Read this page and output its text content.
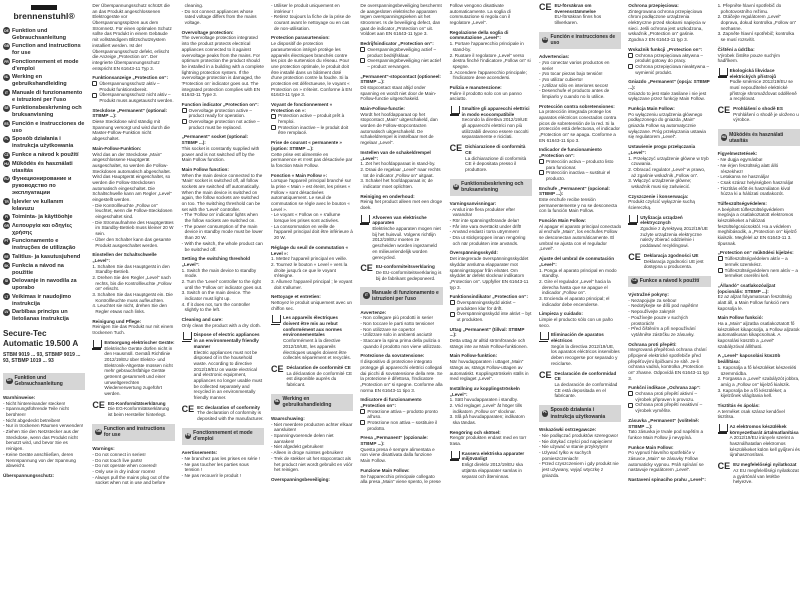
brennenstuhl®
DE Funktion und Gebrauchsanleitung
GB Function and instructions for use
FR Fonctionnement et mode d'emploi
NL Werking en gebruikshandleiding
IT Manuale di funzionamento e istruzioni per l'uso
SE Funktionsbeskrivning och bruksanvisning
ES Función e instrucciones de uso
PL Sposób działania i instrukcja użytkowania
CZ Funkce a návod k použití
HU Működés és használati utasítás
RU Функционирование и руководство по эксплуатации
TR İşlevler ve kullanım kılavuzu
FI Toiminta- ja käyttöohje
GR Λειτουργία και οδηγίες χρήσης
PT Funcionamento e instruções de utilização
EE Talitlus- ja kasutusjuhend
SK Funkcia a návod na použitie
SI Delovanje in navodila za uporabo
LT Veikimas ir naudojimo instrukcija
LV Darbības princips un lietošanas instrukcija
Secure-Tec Automatic 19.500 A
STBM 9019 ... 93, STBMP 9019 ... 93, STBMP 1019 ... 93
DE Funktion und Gebrauchsanleitung
Warnhinweise:
- Nicht hintereinander stecken!
- Spannungsführende Teile nicht berühren!
- Nicht abgedeckt betreiben!
- Nur in trockenen Räumen verwenden!
- Ziehen Sie den Netzstecker aus der Steckdose, wenn das Produkt nicht benutzt wird, und bevor Sie es reinigen.
- Keine Geräte anschließen, deren Nennspannung von der Spannung abweicht.
Überspannungsschutz:
Der Überspannungsschutz schützt die an das Produkt angeschlossenen Elektrogeräte vor Überspannungsspitzen aus dem Stromnetz. Für einen optimalen Schutz sollte das Produkt in einem Gebäude mit vollständigem Blitzschutzsystem installiert werden. Ist der Überspannungsschutz defekt, erlischt die Anzeige „Protection on“. Der integrierte Überspannungsschutz entspricht EN 61643-11 Typ 3.
Funktionsanzeige „Protection on“:
Überspannungsschutz aktiv – Produkt funktionsbereit.
Überspannungsschutz nicht aktiv – Produkt muss ausgetauscht werden.
Steckdose „Permanent“ (optional: STBMP ...):
Diese Steckdose wird ständig mit Spannung versorgt und wird durch die Master-Follow-Funktion nicht abgeschaltet.
Main-Follow-Funktion:
Wird das an der Steckdose „Main“ angeschlossene Hauptgerät ausgeschaltet, so werden die Follow-Steckdosen automatisch abgeschaltet. Wird das Hauptgerät eingeschaltet, so werden die Follow-Steckdosen automatisch eingeschaltet. Die Schaltschwelle kann am Regler „Level“ eingestellt werden.
- Die Kontrollleuchte „Follow on“ leuchtet, wenn die Follow-Steckdosen eingeschaltet sind.
- Die Stromaufnahme des Hauptgerätes im Standby-Betrieb muss kleiner 20 W sein.
- Über den Schalter kann das gesamte Produkt ausgeschaltet werden.
Einstellen der Schaltschwelle „Level“:
1. Schalten Sie das Hauptgerät in den Standby-Betrieb.
2. Drehen Sie den Regler „Level“ nach rechts, bis die Kontrollleuchte „Follow on“ erlischt.
3. Schalten Sie das Hauptgerät ein. Die Kontrollleuchte muss aufleuchten.
4. Leuchtet sie nicht, drehen Sie den Regler etwas nach links.
Reinigung und Pflege:
Reinigen Sie das Produkt nur mit einem trockenen Tuch.
Entsorgung elektrischer Geräte:
Elektrische Geräte dürfen nicht in den Hausmüll. Gemäß Richtlinie 2012/19/EU über Elektro- und Elektronik-Altgeräte müssen nicht mehr gebrauchsfähige Geräte getrennt gesammelt und einer umweltgerechten Wiederverwertung zugeführt werden.
CE EG-Konformitätserklärung
Die EG-Konformitätserklärung ist beim Hersteller hinterlegt.
GB Function and instructions for use
Warnings:
- Do not connect in series!
- Do not touch live parts!
- Do not operate when covered!
- Only use in dry indoor rooms!
- Always pull the mains plug out of the socket when not in use and before cleaning.
- Do not connect appliances whose rated voltage differs from the mains voltage.
Overvoltage protection:
The overvoltage protection integrated into the product protects electrical appliances connected to it against overvoltage peaks from the mains. For optimum protection the product should be installed in a building with a complete lightning protection system. If the overvoltage protection is damaged, the 'Protection on' indicator goes out. The integrated protection complies with EN 61643-11 Type 3.
Function indicator „Protection on“:
Overvoltage protection active – product ready for operation.
Overvoltage protection not active – product must be replaced.
„Permanent“ socket (optional: STBMP ...):
This socket is constantly supplied with power and is not switched off by the Main Follow function.
Main Follow function:
When the main device connected to the 'Main' socket is switched off, all follow sockets are switched off automatically. When the main device is switched on again, the follow sockets are switched on too. The switching threshold can be set with the 'Level' controller.
- The 'Follow on' indicator lights when the follow sockets are switched on.
- The power consumption of the main device in standby mode must be lower than 20 W.
- With the switch, the whole product can be switched off.
Setting the switching threshold „Level“:
1. Switch the main device to standby mode.
2. Turn the 'Level' controller to the right until the 'Follow on' indicator goes out.
3. Switch on the main device. The indicator must light up.
4. If it does not, turn the controller slightly to the left.
Cleaning and care:
Only clean the product with a dry cloth.
Dispose of electric appliances in an environmentally friendly manner
Electric appliances must not be disposed of in the household waste. According to directive 2012/19/EU on waste electrical and electronic equipment, appliances no longer usable must be collected separately and recycled in an environmentally friendly manner.
CE EC declaration of conformity
The declaration of conformity is deposited with the manufacturer.
FR Fonctionnement et mode d'emploi
Avertissements:
- Ne branchez pas les prises en série !
- Ne pas toucher les parties sous tension !
- Ne pas recouvrir le produit !
- Utiliser le produit uniquement en intérieur !
- Retirez toujours la fiche de la prise de courant avant le nettoyage ou en cas de non-utilisation.
Protection parasurtension:
Le dispositif de protection parasurtension intégré protège les appareils électriques branchés contre les pics de surtension du réseau. Pour une protection optimale, le produit doit être installé dans un bâtiment doté d'une protection contre la foudre. Si la protection est défectueuse, le voyant « Protection on » s'éteint. Conforme à EN 61643-11 type 3.
Voyant de fonctionnement « Protection on »:
Protection active – produit prêt à l'emploi.
Protection inactive – le produit doit être remplacé.
Prise de courant « permanente » (option: STBMP ...):
Cette prise est alimentée en permanence et n'est pas désactivée par la fonction Main Follow.
Fonction « Main Follow »:
Lorsque l'appareil principal branché sur la prise « Main » est éteint, les prises « Follow » sont désactivées automatiquement. Le seuil de commutation se règle avec le bouton « Level ».
- Le voyant « Follow on » s'allume lorsque les prises sont activées.
- La consommation en veille de l'appareil principal doit être inférieure à 20 W.
Réglage du seuil de commutation « Level »:
1. Mettez l'appareil principal en veille.
2. Tournez le bouton « Level » vers la droite jusqu'à ce que le voyant s'éteigne.
3. Allumez l'appareil principal ; le voyant doit s'allumer.
Nettoyage et entretien:
Nettoyez le produit uniquement avec un chiffon sec.
Les appareils électriques doivent être mis au rebut conformément aux normes environnementales
Conformément à la directive 2012/19/UE, les appareils électriques usagés doivent être collectés séparément et recyclés.
CE Déclaration de conformité CE
La déclaration de conformité CE est disponible auprès du fabricant.
NL Werking en gebruikshandleiding
Waarschuwing:
- Niet meerdere producten achter elkaar aansluiten!
- Spanningvoerende delen niet aanraken!
- Niet afgedekt gebruiken!
- Alleen in droge ruimtes gebruiken!
- Trek de stekker uit het stopcontact als het product niet wordt gebruikt en vóór het reinigen.
Overspanningsbeveiliging:
De overspanningsbeveiliging beschermt de aangesloten elektrische apparaten tegen overspanningspieken uit het stroomnet. Is de beveiliging defect, dan gaat de indicator „Protection on“ uit. Voldoet aan EN 61643-11 type 3.
Bedrijfsindicator „Protection on“:
Overspanningsbeveiliging actief – product bedrijfsklaar.
Overspanningsbeveiliging niet actief – product vervangen.
„Permanent“-stopcontact (optioneel: STBMP ...):
Dit stopcontact staat altijd onder spanning en wordt niet door de Main-Follow-functie uitgeschakeld.
Main-Follow-functie:
Wordt het hoofdapparaat op het stopcontact „Main“ uitgeschakeld, dan worden de Follow-stopcontacten automatisch uitgeschakeld. De schakeldrempel is instelbaar met de regelaar „Level“.
Instellen van de schakeldrempel „Level“:
1. Zet het hoofdapparaat in stand-by.
2. Draai de regelaar „Level“ naar rechts tot de indicator „Follow on“ uitgaat.
3. Schakel het hoofdapparaat in; de indicator moet oplichten.
Reiniging en onderhoud:
Reinig het product alleen met een droge doek.
Afvoeren van elektrische apparaten
Elektrische apparaten mogen niet bij het huisvuil. Volgens richtlijn 2012/19/EU moeten ze gescheiden worden ingezameld en milieuvriendelijk worden gerecycled.
CE EU-conformiteitsverklaring
De EU-conformiteitsverklaring is bij de fabrikant gedeponeerd.
IT Manuale di funzionamento e istruzioni per l'uso
Avvertenze:
- Non collegare più prodotti in serie!
- Non toccare le parti sotto tensione!
- Non utilizzare se coperto!
- Utilizzare solo in ambienti asciutti!
- Staccare la spina prima della pulizia o quando il prodotto non viene utilizzato.
Protezione da sovratensione:
Il dispositivo di protezione integrato protegge gli apparecchi elettrici collegati dai picchi di sovratensione della rete. Se la protezione è difettosa, l'indicatore „Protection on“ si spegne. Conforme alla norma EN 61643-11 tipo 3.
Indicatore di funzionamento „Protection on“:
Protezione attiva – prodotto pronto all'uso.
Protezione non attiva – sostituire il prodotto.
Presa „Permanent“ (opzionale: STBMP ...):
Questa presa è sempre alimentata e non viene disattivata dalla funzione Main Follow.
Funzione Main Follow:
Se l'apparecchio principale collegato alla presa „Main“ viene spento, le prese Follow vengono disattivate automaticamente. La soglia di commutazione si regola con il regolatore „Level“.
Regolazione della soglia di commutazione „Level“:
1. Portare l'apparecchio principale in stand-by.
2. Ruotare il regolatore „Level“ verso destra finché l'indicatore „Follow on“ si spegne.
3. Accendere l'apparecchio principale; l'indicatore deve accendersi.
Pulizia e manutenzione:
Pulire il prodotto solo con un panno asciutto.
Smaltire gli apparecchi elettrici in modo ecocompatibile
Secondo la direttiva 2012/19/UE gli apparecchi elettrici non più utilizzabili devono essere raccolti separatamente e riciclati.
CE Dichiarazione di conformità CE
La dichiarazione di conformità CE è depositata presso il produttore.
SE Funktionsbeskrivning och bruksanvisning
Varningsanvisningar:
- Anslut inte flera produkter efter varandra!
- Rör inte spänningsförande delar!
- Får inte vara övertäckt under drift!
- Använd endast i torra utrymmen!
- Dra ut stickproppen innan rengöring och när produkten inte används.
Överspänningsskydd:
Det integrerade överspänningsskyddet skyddar anslutna elapparater mot spänningstoppar från elnätet. Om skyddet är defekt slocknar indikatorn „Protection on“. Uppfyller EN 61643-11 typ 3.
Funktionsindikator „Protection on“:
Överspänningsskydd aktivt – produkten klar för drift.
Överspänningsskydd inte aktivt – byt ut produkten.
Uttag „Permanent“ (tillval: STBMP ...):
Detta uttag är alltid strömförande och stängs inte av Main Follow-funktionen.
Main Follow-funktion:
När huvudapparaten i uttaget „Main“ stängs av, stängs Follow-uttagen av automatiskt. Kopplingströskeln ställs in med reglaget „Level“.
Inställning av kopplingströskeln „Level“:
1. Sätt huvudapparaten i standby.
2. Vrid reglaget „Level“ åt höger tills indikatorn „Follow on“ slocknar.
3. Slå på huvudapparaten; indikatorn ska tändas.
Rengöring och skötsel:
Rengör produkten endast med en torr trasa.
Kassera elektriska apparater miljövänligt
Enligt direktiv 2012/19/EU ska uttjänta elapparater samlas in separat och återvinnas.
CE EU-försäkran om överensstämmelse
EU-försäkran finns hos tillverkaren.
ES Función e instrucciones de uso
Advertencias:
- ¡No conectar varios productos en serie!
- ¡No tocar piezas bajo tensión!
- ¡No utilizar cubierto!
- ¡Utilizar sólo en interiores secos!
- Desenchufe el producto antes de limpiarlo y cuando no lo utilice.
Protección contra sobretensiones:
La protección integrada protege los aparatos eléctricos conectados contra picos de sobretensión de la red. Si la protección está defectuosa, el indicador „Protection on“ se apaga. Conforme a EN 61643-11 tipo 3.
Indicador de funcionamiento „Protection on“:
Protección activa – producto listo para funcionar.
Protección inactiva – sustituir el producto.
Enchufe „Permanent“ (opcional: STBMP ...):
Este enchufe recibe tensión permanentemente y no se desconecta con la función Main Follow.
Función Main Follow:
Al apagar el aparato principal conectado al enchufe „Main“, los enchufes Follow se desconectan automáticamente. El umbral se ajusta con el regulador „Level“.
Ajuste del umbral de conmutación „Level“:
1. Ponga el aparato principal en modo standby.
2. Gire el regulador „Level“ hacia la derecha hasta que se apague el indicador „Follow on“.
3. Encienda el aparato principal; el indicador debe encenderse.
Limpieza y cuidado:
Limpie el producto sólo con un paño seco.
Eliminación de aparatos eléctricos
Según la directiva 2012/19/UE, los aparatos eléctricos inservibles deben recogerse por separado y reciclarse.
CE Declaración de conformidad CE
La declaración de conformidad CE está depositada en el fabricante.
PL Sposób działania i instrukcja użytkowania
Wskazówki ostrzegawcze:
- Nie podłączać produktów szeregowo!
- Nie dotykać części pod napięciem!
- Nie używać w stanie przykrytym!
- Używać tylko w suchych pomieszczeniach!
- Przed czyszczeniem i gdy produkt nie jest używany, wyjąć wtyczkę z gniazda.
Ochrona przepięciowa:
Zintegrowana ochrona przepięciowa chroni podłączone urządzenia elektryczne przed skokami napięcia w sieci. Jeśli ochrona jest uszkodzona, wskaźnik „Protection on“ gaśnie. Zgodna z EN 61643-11 typ 3.
Wskaźnik funkcji „Protection on“:
Ochrona przepięciowa aktywna – produkt gotowy do pracy.
Ochrona przepięciowa nieaktywna – wymienić produkt.
Gniazdo „Permanent“ (opcja: STBMP ...):
Gniazdo to jest stale zasilane i nie jest wyłączane przez funkcję Main Follow.
Funkcja Main Follow:
Po wyłączeniu urządzenia głównego podłączonego do gniazda „Main“ gniazda Follow są automatycznie wyłączane. Próg przełączania ustawia się regulatorem „Level“.
Ustawienie progu przełączania „Level“:
1. Przełączyć urządzenie główne w tryb czuwania.
2. Obracać regulator „Level“ w prawo, aż zgaśnie wskaźnik „Follow on“.
3. Włączyć urządzenie główne; wskaźnik musi się zaświecić.
Czyszczenie i konserwacja:
Produkt czyścić wyłącznie suchą ściereczką.
Utylizacja urządzeń elektrycznych
Zgodnie z dyrektywą 2012/19/UE zużyte urządzenia elektryczne należy zbierać oddzielnie i poddawać recyklingowi.
CE Deklaracja zgodności UE
Deklaracja zgodności UE jest dostępna u producenta.
CZ Funkce a návod k použití
Výstražné pokyny:
- Nezapojujte za sebou!
- Nedotýkejte se dílů pod napětím!
- Nepoužívejte zakryté!
- Používejte pouze v suchých prostorách!
- Před čištěním a při nepoužívání vytáhněte zástrčku ze zásuvky.
Ochrana proti přepětí:
Integrovaná přepěťová ochrana chrání připojené elektrické spotřebiče před přepěťovými špičkami ze sítě. Je-li ochrana vadná, kontrolka „Protection on“ zhasne. Odpovídá EN 61643-11 typ 3.
Funkční indikace „Ochrana zap“:
Ochrana proti přepětí aktivní – výrobek připraven k provozu.
Ochrana proti přepětí neaktivní – výrobek vyměňte.
Zásuvka „Permanent“ (volitelně: STBMP ...):
Tato zásuvka je trvale pod napětím a funkce Main Follow ji nevypíná.
Funkce Main Follow:
Po vypnutí hlavního spotřebiče v zásuvce „Main“ se zásuvky Follow automaticky vypnou. Práh spínání se nastavuje regulátorem „Level“.
Nastavení spínacího prahu „Level“:
1. Přepněte hlavní spotřebič do pohotovostního režimu.
2. Otáčejte regulátorem „Level“ doprava, dokud kontrolka „Follow on“ nezhasne.
3. Zapněte hlavní spotřebič; kontrolka se musí rozsvítit.
Čištění a údržba:
Výrobek čistěte pouze suchým hadříkem.
Ekologická likvidace elektrických přístrojů
Podle směrnice 2012/19/EU se musí nepoužitelné elektrické přístroje shromažďovat odděleně a recyklovat.
CE Prohlášení o shodě ES
Prohlášení o shodě je uloženo u výrobce.
HU Működés és használati utasítás
Figyelmeztetések:
- Ne dugja egymásba!
- Ne érjen feszültség alatt álló részekhez!
- Letakarva ne használja!
- Csak száraz helyiségben használja!
- Tisztítás előtt és használaton kívül húzza ki a hálózati csatlakozót.
Túlfeszültségvédelem:
A beépített túlfeszültségvédelem megóvja a csatlakoztatott elektromos készülékeket a hálózati feszültségcsúcsoktól. Ha a védelem meghibásodik, a „Protection on“ kijelző kialszik. Megfelel az EN 61643-11 3. típusnak.
„Protection on“ működési kijelzés:
Túlfeszültségvédelem aktív – a termék üzemkész.
Túlfeszültségvédelem nem aktív – a terméket cserélni kell.
„Állandó“ csatlakozóaljzat (opcionális: STBMP ...):
Ez az aljzat folyamatosan feszültség alatt áll, a Main Follow funkció nem kapcsolja le.
Main Follow funkció:
Ha a „Main“ aljzatba csatlakoztatott fő készüléket kikapcsolja, a Follow aljzatok automatikusan kikapcsolnak. A kapcsolási küszöb a „Level“ szabályzóval állítható.
A „Level“ kapcsolási küszöb beállítása:
1. Kapcsolja a fő készüléket készenléti üzemmódba.
2. Forgassa a „Level“ szabályzót jobbra, amíg a „Follow on“ kijelző kialszik.
3. Kapcsolja be a fő készüléket; a kijelzőnek világítania kell.
Tisztítás és ápolás:
A terméket csak száraz kendővel tisztítsa.
Az elektromos készülékek környezetbarát ártalmatlanítása
A 2012/19/EU irányelv szerint a használhatatlan elektromos készülékeket külön kell gyűjteni és újrahasznosítani.
CE EU megfelelőségi nyilatkozat
Az EU megfelelőségi nyilatkozat a gyártónál van letétbe helyezve.
